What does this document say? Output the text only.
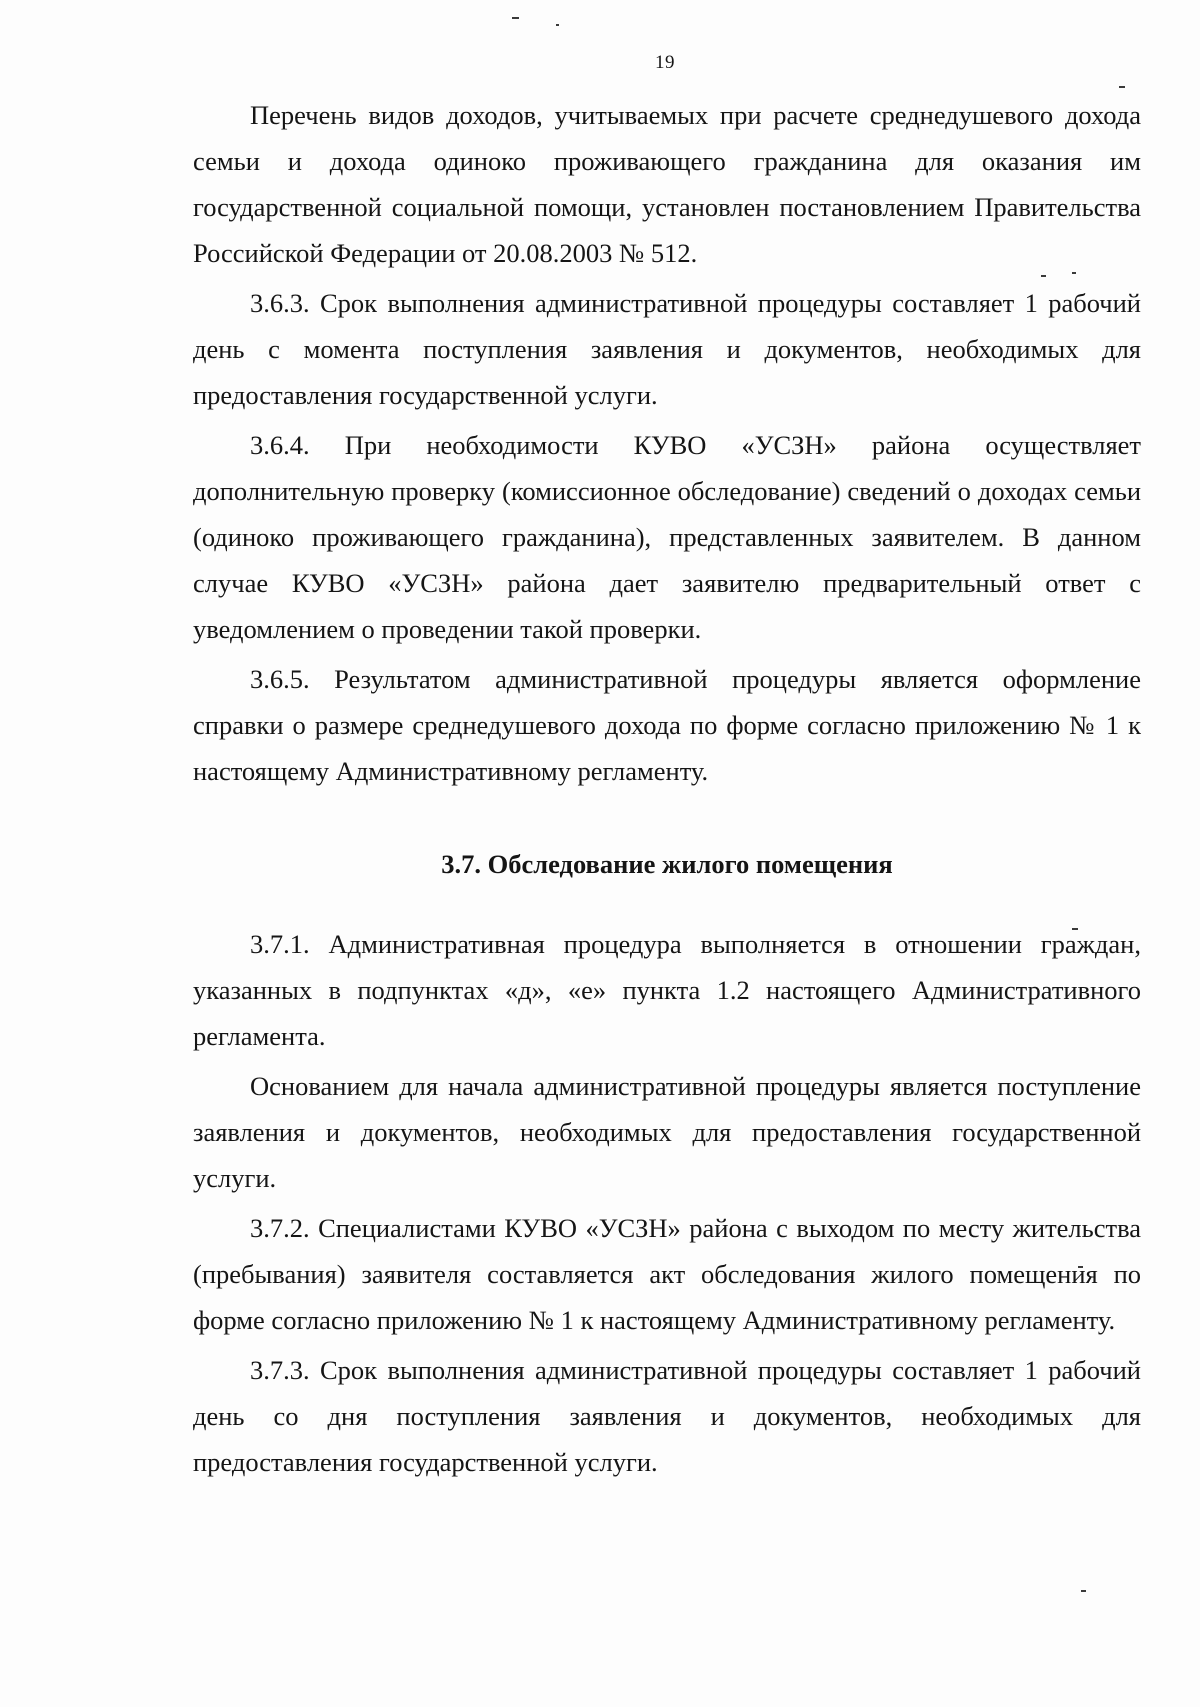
19

Перечень видов доходов, учитываемых при расчете среднедушевого дохода семьи и дохода одиноко проживающего гражданина для оказания им государственной социальной помощи, установлен постановлением Правительства Российской Федерации от 20.08.2003 № 512.

3.6.3. Срок выполнения административной процедуры составляет 1 рабочий день с момента поступления заявления и документов, необходимых для предоставления государственной услуги.

3.6.4. При необходимости КУВО «УСЗН» района осуществляет дополнительную проверку (комиссионное обследование) сведений о доходах семьи (одиноко проживающего гражданина), представленных заявителем. В данном случае КУВО «УСЗН» района дает заявителю предварительный ответ с уведомлением о проведении такой проверки.

3.6.5. Результатом административной процедуры является оформление справки о размере среднедушевого дохода по форме согласно приложению № 1 к настоящему Административному регламенту.

3.7. Обследование жилого помещения

3.7.1. Административная процедура выполняется в отношении граждан, указанных в подпунктах «д», «е» пункта 1.2 настоящего Административного регламента.

Основанием для начала административной процедуры является поступление заявления и документов, необходимых для предоставления государственной услуги.

3.7.2. Специалистами КУВО «УСЗН» района с выходом по месту жительства (пребывания) заявителя составляется акт обследования жилого помещения по форме согласно приложению № 1 к настоящему Административному регламенту.

3.7.3. Срок выполнения административной процедуры составляет 1 рабочий день со дня поступления заявления и документов, необходимых для предоставления государственной услуги.
